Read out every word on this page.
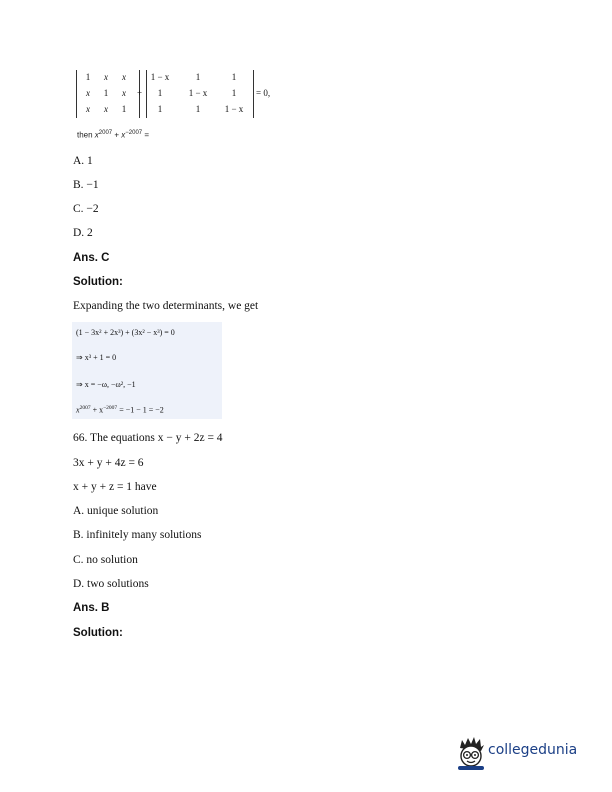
1	x	x
x	1	x
x	x	1
+
1 − x	1	1
1	1 − x	1
1	1	1 − x
= 0,
then $x^{2007} + x^{-2007}$ =
A. 1
B. −1
C. −2
D. 2
Ans. C
Solution:
Expanding the two determinants, we get
(1 − 3x² + 2x³) + (3x² − x³) = 0
⇒ x³ + 1 = 0
⇒ x = −ω, −ω², −1
$x^{2007} + x^{-2007} = -1 - 1 = -2$
66. The equations x − y + 2z = 4
3x + y + 4z = 6
x + y + z = 1 have
A. unique solution
B. infinitely many solutions
C. no solution
D. two solutions
Ans. B
Solution:
collegedunia
